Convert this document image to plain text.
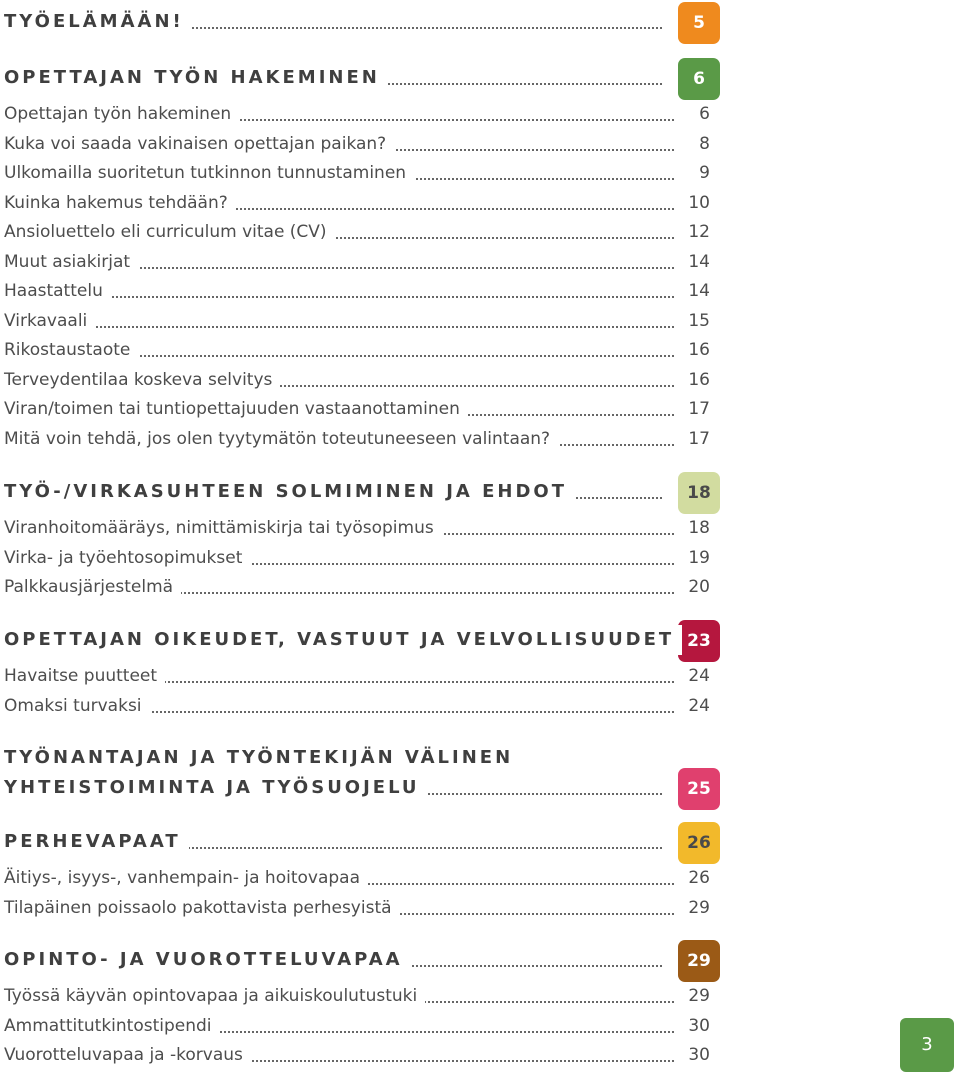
TYÖELÄMÄÄN!	5
OPETTAJAN TYÖN HAKEMINEN	6
Opettajan työn hakeminen	6
Kuka voi saada vakinaisen opettajan paikan?	8
Ulkomailla suoritetun tutkinnon tunnustaminen	9
Kuinka hakemus tehdään?	10
Ansioluettelo eli curriculum vitae (CV)	12
Muut asiakirjat	14
Haastattelu	14
Virkavaali	15
Rikostaustaote	16
Terveydentilaa koskeva selvitys	16
Viran/toimen tai tuntiopettajuuden vastaanottaminen	17
Mitä voin tehdä, jos olen tyytymätön toteutuneeseen valintaan?	17
TYÖ-/VIRKASUHTEEN SOLMIMINEN JA EHDOT	18
Viranhoitomääräys, nimittämiskirja tai työsopimus	18
Virka- ja työehtosopimukset	19
Palkkausjärjestelmä	20
OPETTAJAN OIKEUDET, VASTUUT JA VELVOLLISUUDET 23
Havaitse puutteet	24
Omaksi turvaksi	24
TYÖNANTAJAN JA TYÖNTEKIJÄN VÄLINEN
YHTEISTOIMINTA JA TYÖSUOJELU	25
PERHEVAPAAT	26
Äitiys-, isyys-, vanhempain- ja hoitovapaa	26
Tilapäinen poissaolo pakottavista perhesyistä	29
OPINTO- JA VUOROTTELUVAPAA	29
Työssä käyvän opintovapaa ja aikuiskoulutustuki	29
Ammattitutkintostipendi	30
Vuorotteluvapaa ja -korvaus	30	3
